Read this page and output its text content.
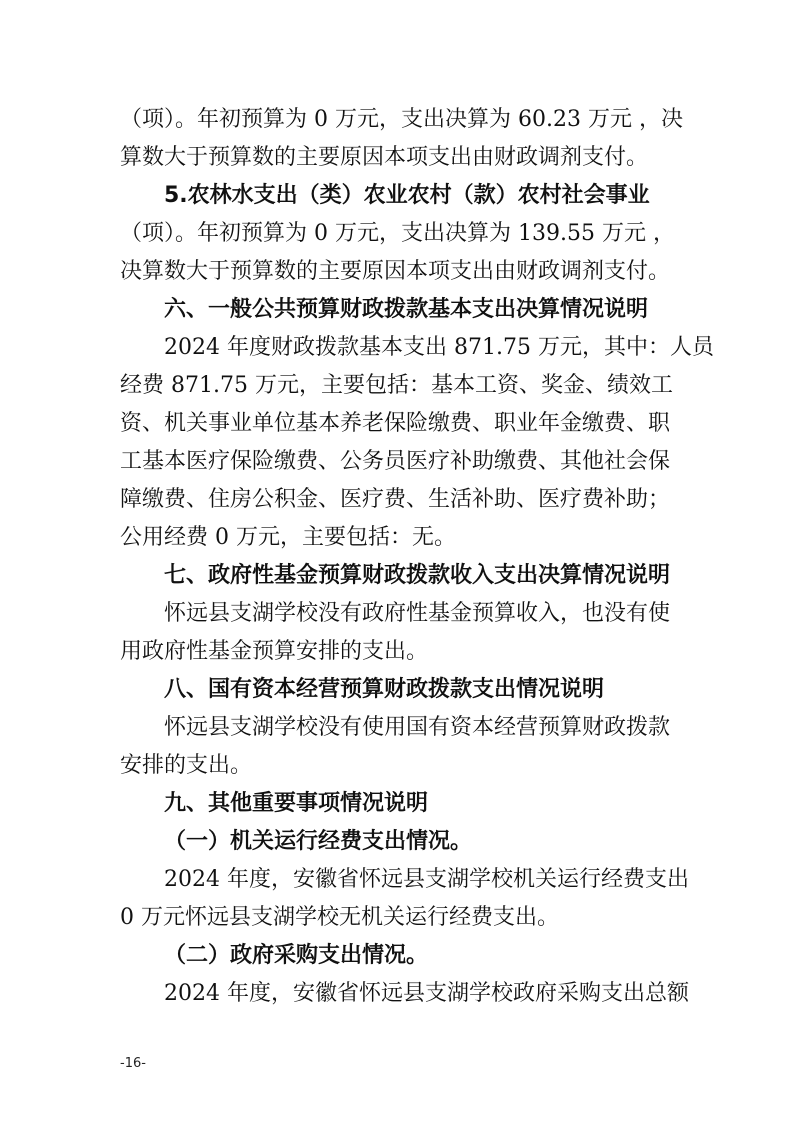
（项）。年初预算为 0 万元，支出决算为 60.23 万元 ，决
算数大于预算数的主要原因本项支出由财政调剂支付。
5.农林水支出（类）农业农村（款）农村社会事业
（项）。年初预算为 0 万元，支出决算为 139.55 万元 ，
决算数大于预算数的主要原因本项支出由财政调剂支付。
六、一般公共预算财政拨款基本支出决算情况说明
2024 年度财政拨款基本支出 871.75 万元，其中：人员
经费 871.75 万元，主要包括：基本工资、奖金、绩效工
资、机关事业单位基本养老保险缴费、职业年金缴费、职
工基本医疗保险缴费、公务员医疗补助缴费、其他社会保
障缴费、住房公积金、医疗费、生活补助、医疗费补助；
公用经费 0 万元，主要包括：无。
七、政府性基金预算财政拨款收入支出决算情况说明
怀远县支湖学校没有政府性基金预算收入，也没有使
用政府性基金预算安排的支出。
八、国有资本经营预算财政拨款支出情况说明
怀远县支湖学校没有使用国有资本经营预算财政拨款
安排的支出。
九、其他重要事项情况说明
（一）机关运行经费支出情况。
2024 年度，安徽省怀远县支湖学校机关运行经费支出
0 万元怀远县支湖学校无机关运行经费支出。
（二）政府采购支出情况。
2024 年度，安徽省怀远县支湖学校政府采购支出总额
-16-
